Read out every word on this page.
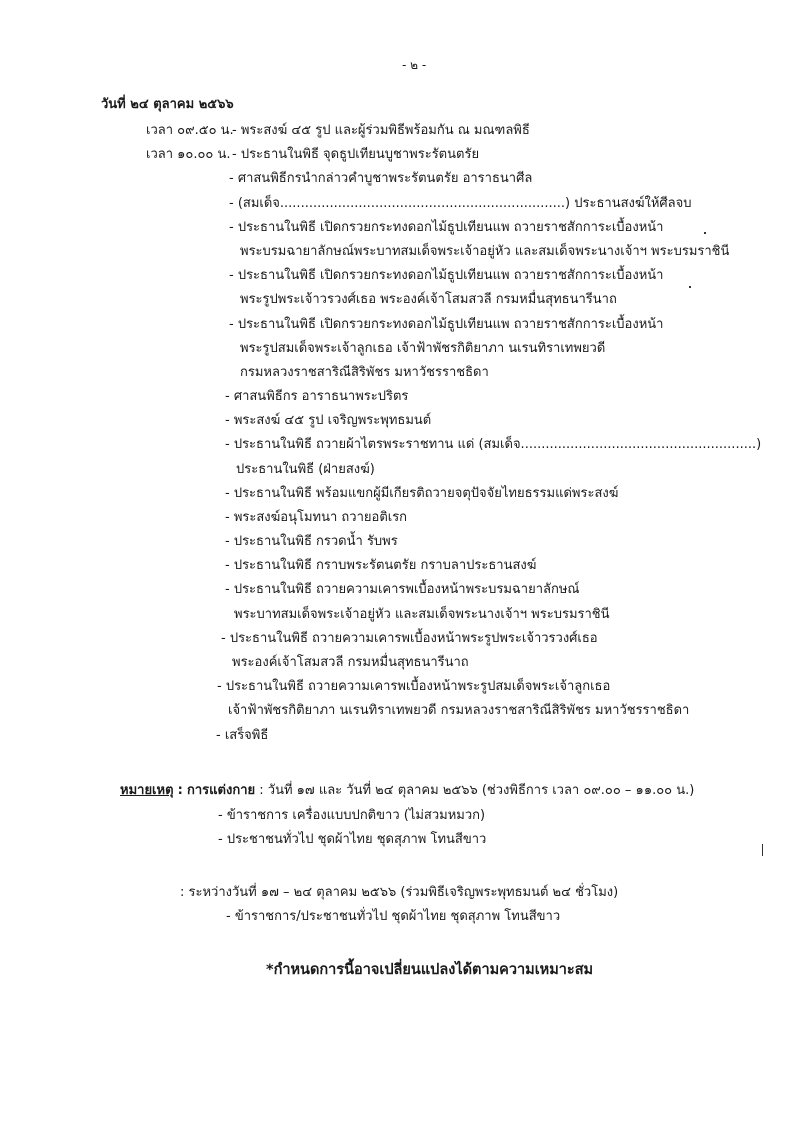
- ๒ -
วันที่ ๒๔ ตุลาคม ๒๕๖๖
เวลา ๐๙.๕๐ น.
- พระสงฆ์ ๔๕ รูป และผู้ร่วมพิธีพร้อมกัน ณ มณฑลพิธี
เวลา ๑๐.๐๐ น. - ประธานในพิธี จุดธูปเทียนบูชาพระรัตนตรัย
- ศาสนพิธีกรนำกล่าวคำบูชาพระรัตนตรัย อาราธนาศีล
- (สมเด็จ.....................................................................) ประธานสงฆ์ให้ศีลจบ
- ประธานในพิธี เปิดกรวยกระทงดอกไม้ธูปเทียนแพ ถวายราชสักการะเบื้องหน้า
พระบรมฉายาลักษณ์พระบาทสมเด็จพระเจ้าอยู่หัว และสมเด็จพระนางเจ้าฯ พระบรมราชินี
- ประธานในพิธี เปิดกรวยกระทงดอกไม้ธูปเทียนแพ ถวายราชสักการะเบื้องหน้า
พระรูปพระเจ้าวรวงศ์เธอ พระองค์เจ้าโสมสวลี กรมหมื่นสุทธนารีนาถ
- ประธานในพิธี เปิดกรวยกระทงดอกไม้ธูปเทียนแพ ถวายราชสักการะเบื้องหน้า
พระรูปสมเด็จพระเจ้าลูกเธอ เจ้าฟ้าพัชรกิติยาภา นเรนทิราเทพยวดี
กรมหลวงราชสาริณีสิริพัชร มหาวัชรราชธิดา
- ศาสนพิธีกร อาราธนาพระปริตร
- พระสงฆ์ ๔๕ รูป เจริญพระพุทธมนต์
- ประธานในพิธี ถวายผ้าไตรพระราชทาน แด่ (สมเด็จ.........................................................)
ประธานในพิธี (ฝ่ายสงฆ์)
- ประธานในพิธี พร้อมแขกผู้มีเกียรติถวายจตุปัจจัยไทยธรรมแด่พระสงฆ์
- พระสงฆ์อนุโมทนา ถวายอติเรก
- ประธานในพิธี กรวดน้ำ รับพร
- ประธานในพิธี กราบพระรัตนตรัย กราบลาประธานสงฆ์
- ประธานในพิธี ถวายความเคารพเบื้องหน้าพระบรมฉายาลักษณ์
พระบาทสมเด็จพระเจ้าอยู่หัว และสมเด็จพระนางเจ้าฯ พระบรมราชินี
- ประธานในพิธี ถวายความเคารพเบื้องหน้าพระรูปพระเจ้าวรวงศ์เธอ
พระองค์เจ้าโสมสวลี กรมหมื่นสุทธนารีนาถ
- ประธานในพิธี ถวายความเคารพเบื้องหน้าพระรูปสมเด็จพระเจ้าลูกเธอ
เจ้าฟ้าพัชรกิติยาภา นเรนทิราเทพยวดี กรมหลวงราชสาริณีสิริพัชร มหาวัชรราชธิดา
- เสร็จพิธี
หมายเหตุ : การแต่งกาย : วันที่ ๑๗ และ วันที่ ๒๔ ตุลาคม ๒๕๖๖ (ช่วงพิธีการ เวลา ๐๙.๐๐ – ๑๑.๐๐ น.)
- ข้าราชการ เครื่องแบบปกติขาว (ไม่สวมหมวก)
- ประชาชนทั่วไป ชุดผ้าไทย ชุดสุภาพ โทนสีขาว
: ระหว่างวันที่ ๑๗ – ๒๔ ตุลาคม ๒๕๖๖ (ร่วมพิธีเจริญพระพุทธมนต์ ๒๔ ชั่วโมง)
- ข้าราชการ/ประชาชนทั่วไป ชุดผ้าไทย ชุดสุภาพ โทนสีขาว
*กำหนดการนี้อาจเปลี่ยนแปลงได้ตามความเหมาะสม
